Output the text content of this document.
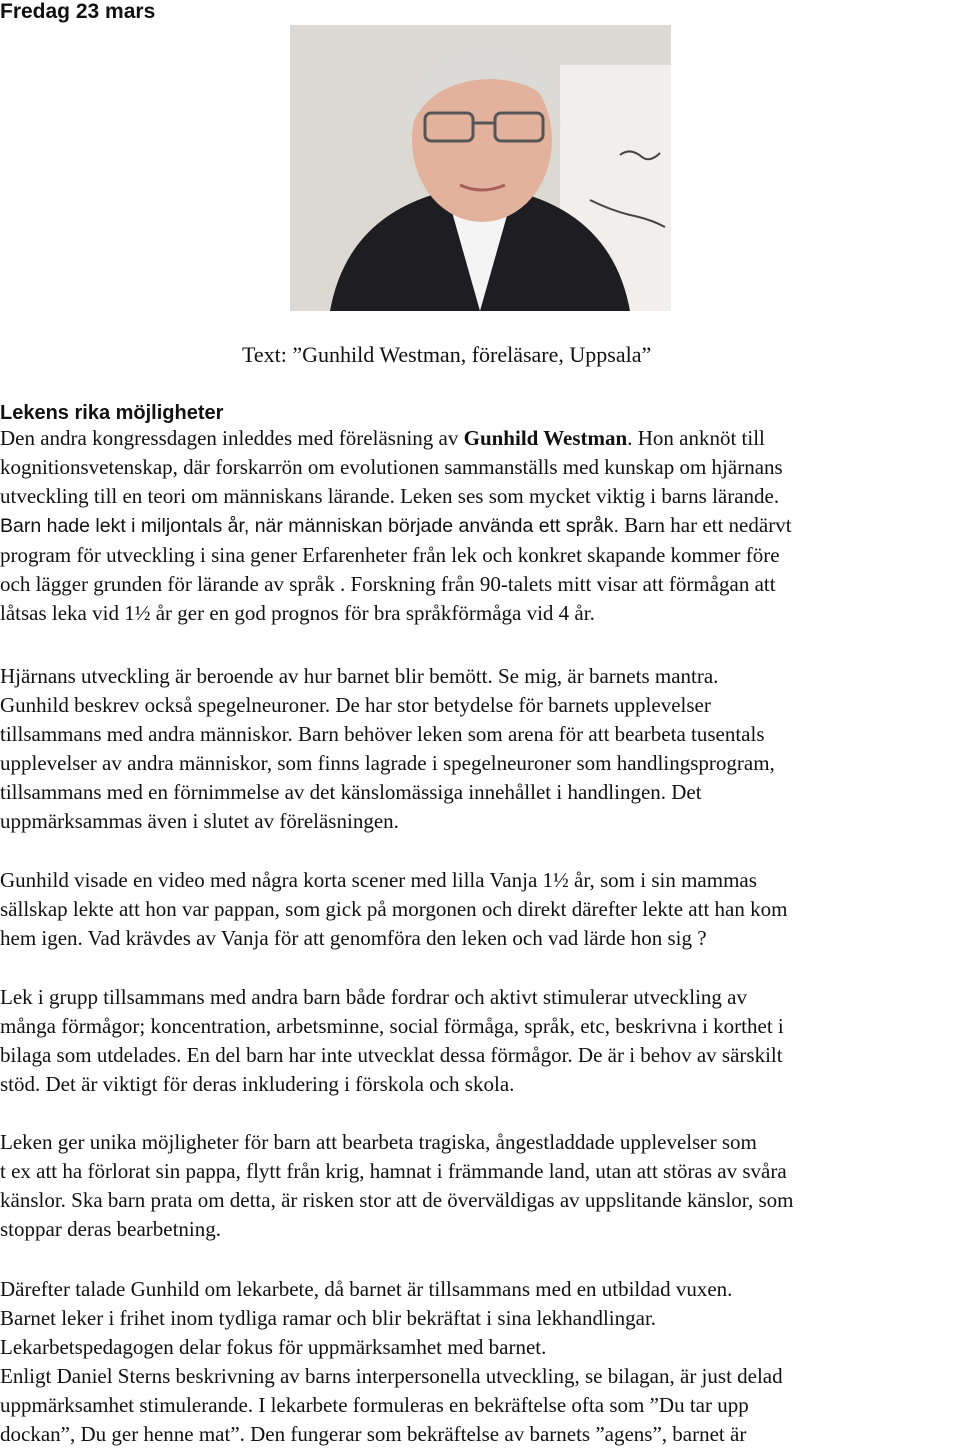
Fredag 23 mars
Text: ”Gunhild Westman, föreläsare, Uppsala”
Lekens rika möjligheter

Den andra kongressdagen inleddes med föreläsning av Gunhild Westman. Hon anknöt till
kognitionsvetenskap, där forskarrön om evolutionen sammanställs med kunskap om hjärnans
utveckling till en teori om människans lärande. Leken ses som mycket viktig i barns lärande.
Barn hade lekt i miljontals år, när människan började använda ett språk. Barn har ett nedärvt
program för utveckling i sina gener Erfarenheter från lek och konkret skapande kommer före
och lägger grunden för lärande av språk . Forskning från 90-talets mitt visar att förmågan att
låtsas leka vid 1½ år ger en god prognos för bra språkförmåga vid 4 år.

Hjärnans utveckling är beroende av hur barnet blir bemött. Se mig, är barnets mantra.
Gunhild beskrev också spegelneuroner. De har stor betydelse för barnets upplevelser
tillsammans med andra människor. Barn behöver leken som arena för att bearbeta tusentals
upplevelser av andra människor, som finns lagrade i spegelneuroner som handlingsprogram,
tillsammans med en förnimmelse av det känslomässiga innehållet i handlingen. Det
uppmärksammas även i slutet av föreläsningen.

Gunhild visade en video med några korta scener med lilla Vanja 1½ år, som i sin mammas
sällskap lekte att hon var pappan, som gick på morgonen och direkt därefter lekte att han kom
hem igen. Vad krävdes av Vanja för att genomföra den leken och vad lärde hon sig ?

Lek i grupp tillsammans med andra barn både fordrar och aktivt stimulerar utveckling av
många förmågor; koncentration, arbetsminne, social förmåga, språk, etc, beskrivna i korthet i
bilaga som utdelades. En del barn har inte utvecklat dessa förmågor. De är i behov av särskilt
stöd. Det är viktigt för deras inkludering i förskola och skola.

Leken ger unika möjligheter för barn att bearbeta tragiska, ångestladdade upplevelser som
t ex att ha förlorat sin pappa, flytt från krig, hamnat i främmande land, utan att störas av svåra
känslor. Ska barn prata om detta, är risken stor att de överväldigas av uppslitande känslor, som
stoppar deras bearbetning.

Därefter talade Gunhild om lekarbete, då barnet är tillsammans med en utbildad vuxen.
Barnet leker i frihet inom tydliga ramar och blir bekräftat i sina lekhandlingar.
Lekarbetspedagogen delar fokus för uppmärksamhet med barnet.
Enligt Daniel Sterns beskrivning av barns interpersonella utveckling, se bilagan, är just delad
uppmärksamhet stimulerande. I lekarbete formuleras en bekräftelse ofta som ”Du tar upp
dockan”, Du ger henne mat”. Den fungerar som bekräftelse av barnets ”agens”, barnet är
